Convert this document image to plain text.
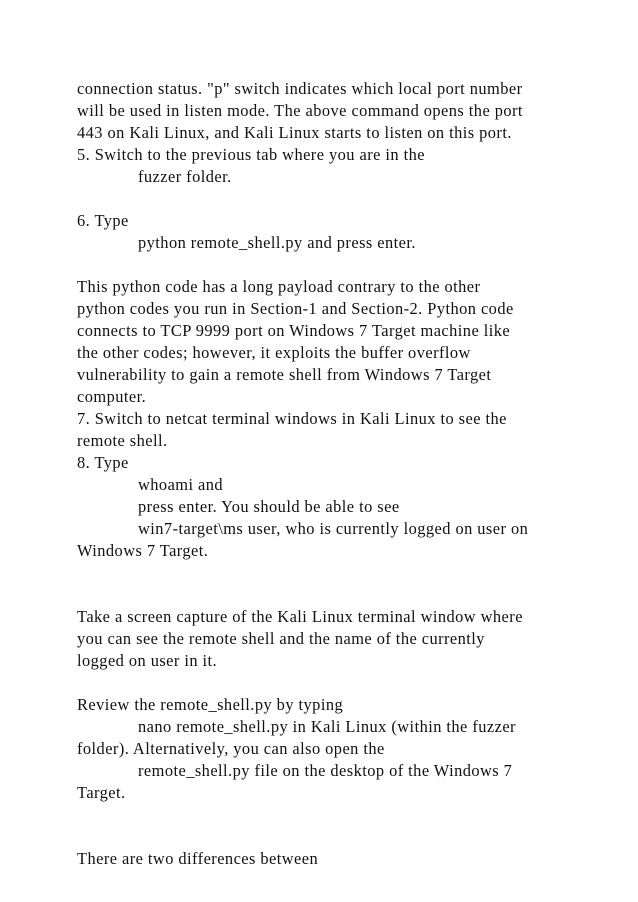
connection status. "p" switch indicates which local port number
will be used in listen mode. The above command opens the port
443 on Kali Linux, and Kali Linux starts to listen on this port.
5. Switch to the previous tab where you are in the
fuzzer folder.
6. Type
python remote_shell.py and press enter.
This python code has a long payload contrary to the other
python codes you run in Section-1 and Section-2. Python code
connects to TCP 9999 port on Windows 7 Target machine like
the other codes; however, it exploits the buffer overflow
vulnerability to gain a remote shell from Windows 7 Target
computer.
7. Switch to netcat terminal windows in Kali Linux to see the
remote shell.
8. Type
whoami and
press enter. You should be able to see
win7-target\ms user, who is currently logged on user on
Windows 7 Target.
Take a screen capture of the Kali Linux terminal window where
you can see the remote shell and the name of the currently
logged on user in it.
Review the remote_shell.py by typing
nano remote_shell.py in Kali Linux (within the fuzzer
folder). Alternatively, you can also open the
remote_shell.py file on the desktop of the Windows 7
Target.
There are two differences between
